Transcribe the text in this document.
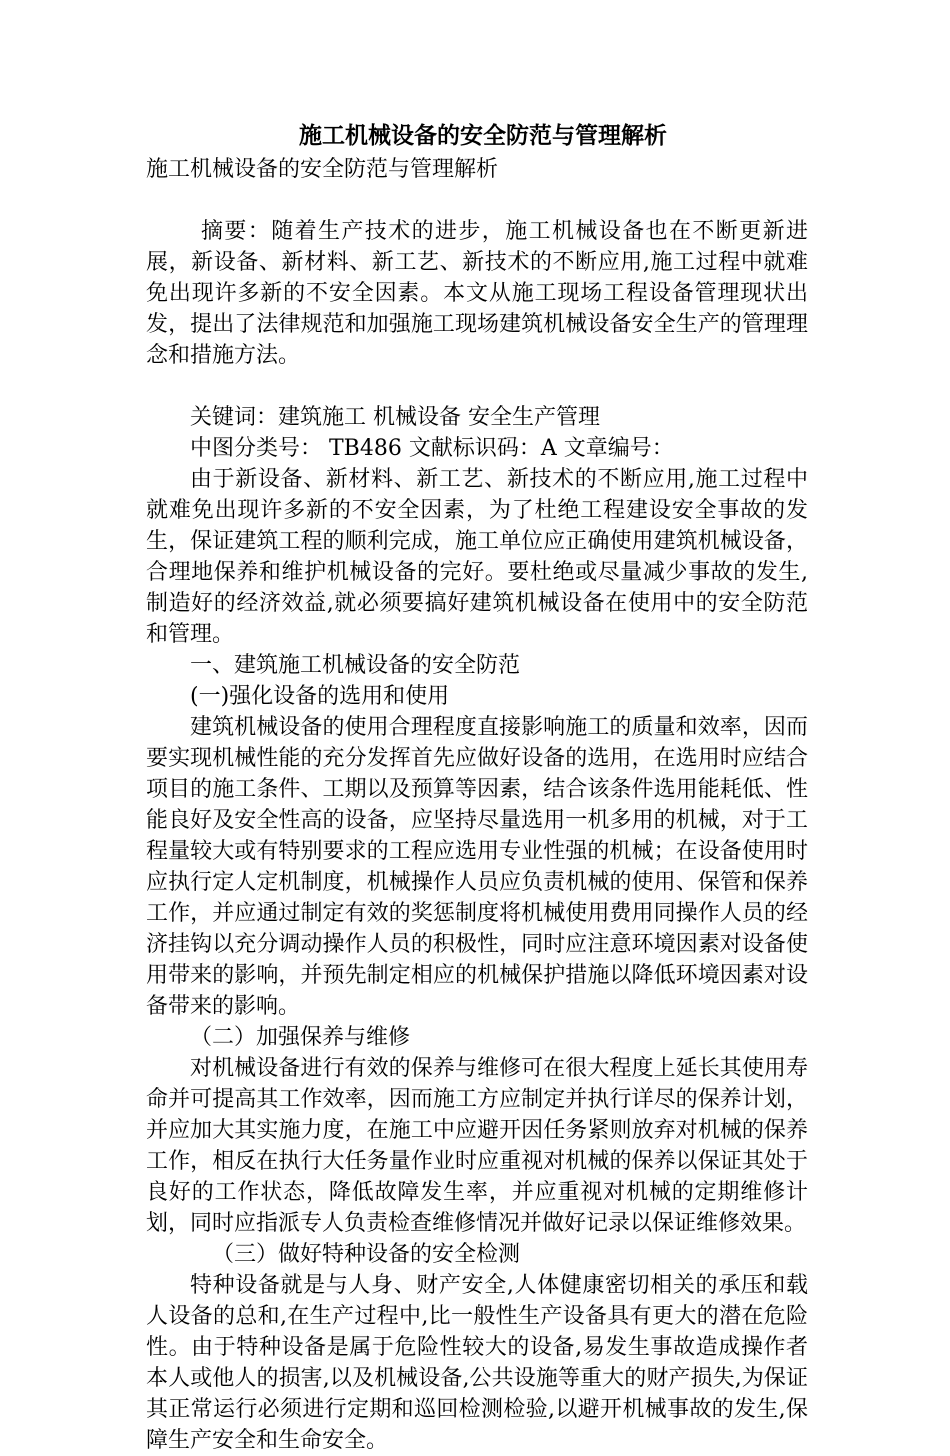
施工机械设备的安全防范与管理解析

施工机械设备的安全防范与管理解析

摘要：随着生产技术的进步，施工机械设备也在不断更新进展，新设备、新材料、新工艺、新技术的不断应用,施工过程中就难免出现许多新的不安全因素。本文从施工现场工程设备管理现状出发，提出了法律规范和加强施工现场建筑机械设备安全生产的管理理念和措施方法。

关键词：建筑施工 机械设备 安全生产管理

中图分类号： TB486 文献标识码：A 文章编号：

由于新设备、新材料、新工艺、新技术的不断应用,施工过程中就难免出现许多新的不安全因素，为了杜绝工程建设安全事故的发生，保证建筑工程的顺利完成，施工单位应正确使用建筑机械设备，合理地保养和维护机械设备的完好。要杜绝或尽量减少事故的发生,制造好的经济效益,就必须要搞好建筑机械设备在使用中的安全防范和管理。

一、建筑施工机械设备的安全防范

(一)强化设备的选用和使用

建筑机械设备的使用合理程度直接影响施工的质量和效率，因而要实现机械性能的充分发挥首先应做好设备的选用，在选用时应结合项目的施工条件、工期以及预算等因素，结合该条件选用能耗低、性能良好及安全性高的设备，应坚持尽量选用一机多用的机械，对于工程量较大或有特别要求的工程应选用专业性强的机械；在设备使用时应执行定人定机制度，机械操作人员应负责机械的使用、保管和保养工作，并应通过制定有效的奖惩制度将机械使用费用同操作人员的经济挂钩以充分调动操作人员的积极性，同时应注意环境因素对设备使用带来的影响，并预先制定相应的机械保护措施以降低环境因素对设备带来的影响。

（二）加强保养与维修

对机械设备进行有效的保养与维修可在很大程度上延长其使用寿命并可提高其工作效率，因而施工方应制定并执行详尽的保养计划，并应加大其实施力度，在施工中应避开因任务紧则放弃对机械的保养工作，相反在执行大任务量作业时应重视对机械的保养以保证其处于良好的工作状态，降低故障发生率，并应重视对机械的定期维修计划，同时应指派专人负责检查维修情况并做好记录以保证维修效果。

（三）做好特种设备的安全检测

特种设备就是与人身、财产安全,人体健康密切相关的承压和载人设备的总和,在生产过程中,比一般性生产设备具有更大的潜在危险性。由于特种设备是属于危险性较大的设备,易发生事故造成操作者本人或他人的损害,以及机械设备,公共设施等重大的财产损失,为保证其正常运行必须进行定期和巡回检测检验,以避开机械事故的发生,保障生产安全和生命安全。
